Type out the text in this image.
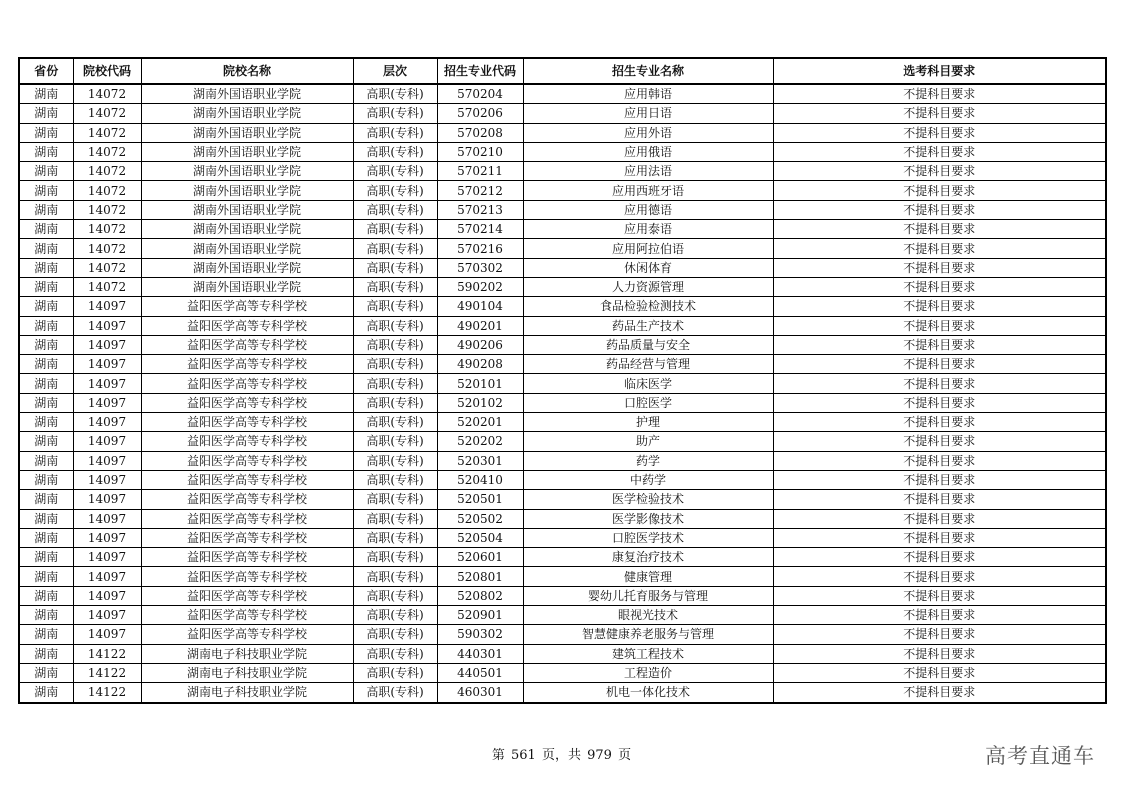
省份	院校代码	院校名称	层次	招生专业代码	招生专业名称	选考科目要求
湖南	14072	湖南外国语职业学院	高职(专科)	570204	应用韩语	不提科目要求
湖南	14072	湖南外国语职业学院	高职(专科)	570206	应用日语	不提科目要求
湖南	14072	湖南外国语职业学院	高职(专科)	570208	应用外语	不提科目要求
湖南	14072	湖南外国语职业学院	高职(专科)	570210	应用俄语	不提科目要求
湖南	14072	湖南外国语职业学院	高职(专科)	570211	应用法语	不提科目要求
湖南	14072	湖南外国语职业学院	高职(专科)	570212	应用西班牙语	不提科目要求
湖南	14072	湖南外国语职业学院	高职(专科)	570213	应用德语	不提科目要求
湖南	14072	湖南外国语职业学院	高职(专科)	570214	应用泰语	不提科目要求
湖南	14072	湖南外国语职业学院	高职(专科)	570216	应用阿拉伯语	不提科目要求
湖南	14072	湖南外国语职业学院	高职(专科)	570302	休闲体育	不提科目要求
湖南	14072	湖南外国语职业学院	高职(专科)	590202	人力资源管理	不提科目要求
湖南	14097	益阳医学高等专科学校	高职(专科)	490104	食品检验检测技术	不提科目要求
湖南	14097	益阳医学高等专科学校	高职(专科)	490201	药品生产技术	不提科目要求
湖南	14097	益阳医学高等专科学校	高职(专科)	490206	药品质量与安全	不提科目要求
湖南	14097	益阳医学高等专科学校	高职(专科)	490208	药品经营与管理	不提科目要求
湖南	14097	益阳医学高等专科学校	高职(专科)	520101	临床医学	不提科目要求
湖南	14097	益阳医学高等专科学校	高职(专科)	520102	口腔医学	不提科目要求
湖南	14097	益阳医学高等专科学校	高职(专科)	520201	护理	不提科目要求
湖南	14097	益阳医学高等专科学校	高职(专科)	520202	助产	不提科目要求
湖南	14097	益阳医学高等专科学校	高职(专科)	520301	药学	不提科目要求
湖南	14097	益阳医学高等专科学校	高职(专科)	520410	中药学	不提科目要求
湖南	14097	益阳医学高等专科学校	高职(专科)	520501	医学检验技术	不提科目要求
湖南	14097	益阳医学高等专科学校	高职(专科)	520502	医学影像技术	不提科目要求
湖南	14097	益阳医学高等专科学校	高职(专科)	520504	口腔医学技术	不提科目要求
湖南	14097	益阳医学高等专科学校	高职(专科)	520601	康复治疗技术	不提科目要求
湖南	14097	益阳医学高等专科学校	高职(专科)	520801	健康管理	不提科目要求
湖南	14097	益阳医学高等专科学校	高职(专科)	520802	婴幼儿托育服务与管理	不提科目要求
湖南	14097	益阳医学高等专科学校	高职(专科)	520901	眼视光技术	不提科目要求
湖南	14097	益阳医学高等专科学校	高职(专科)	590302	智慧健康养老服务与管理	不提科目要求
湖南	14122	湖南电子科技职业学院	高职(专科)	440301	建筑工程技术	不提科目要求
湖南	14122	湖南电子科技职业学院	高职(专科)	440501	工程造价	不提科目要求
湖南	14122	湖南电子科技职业学院	高职(专科)	460301	机电一体化技术	不提科目要求
第 561 页，共 979 页	高考直通车
